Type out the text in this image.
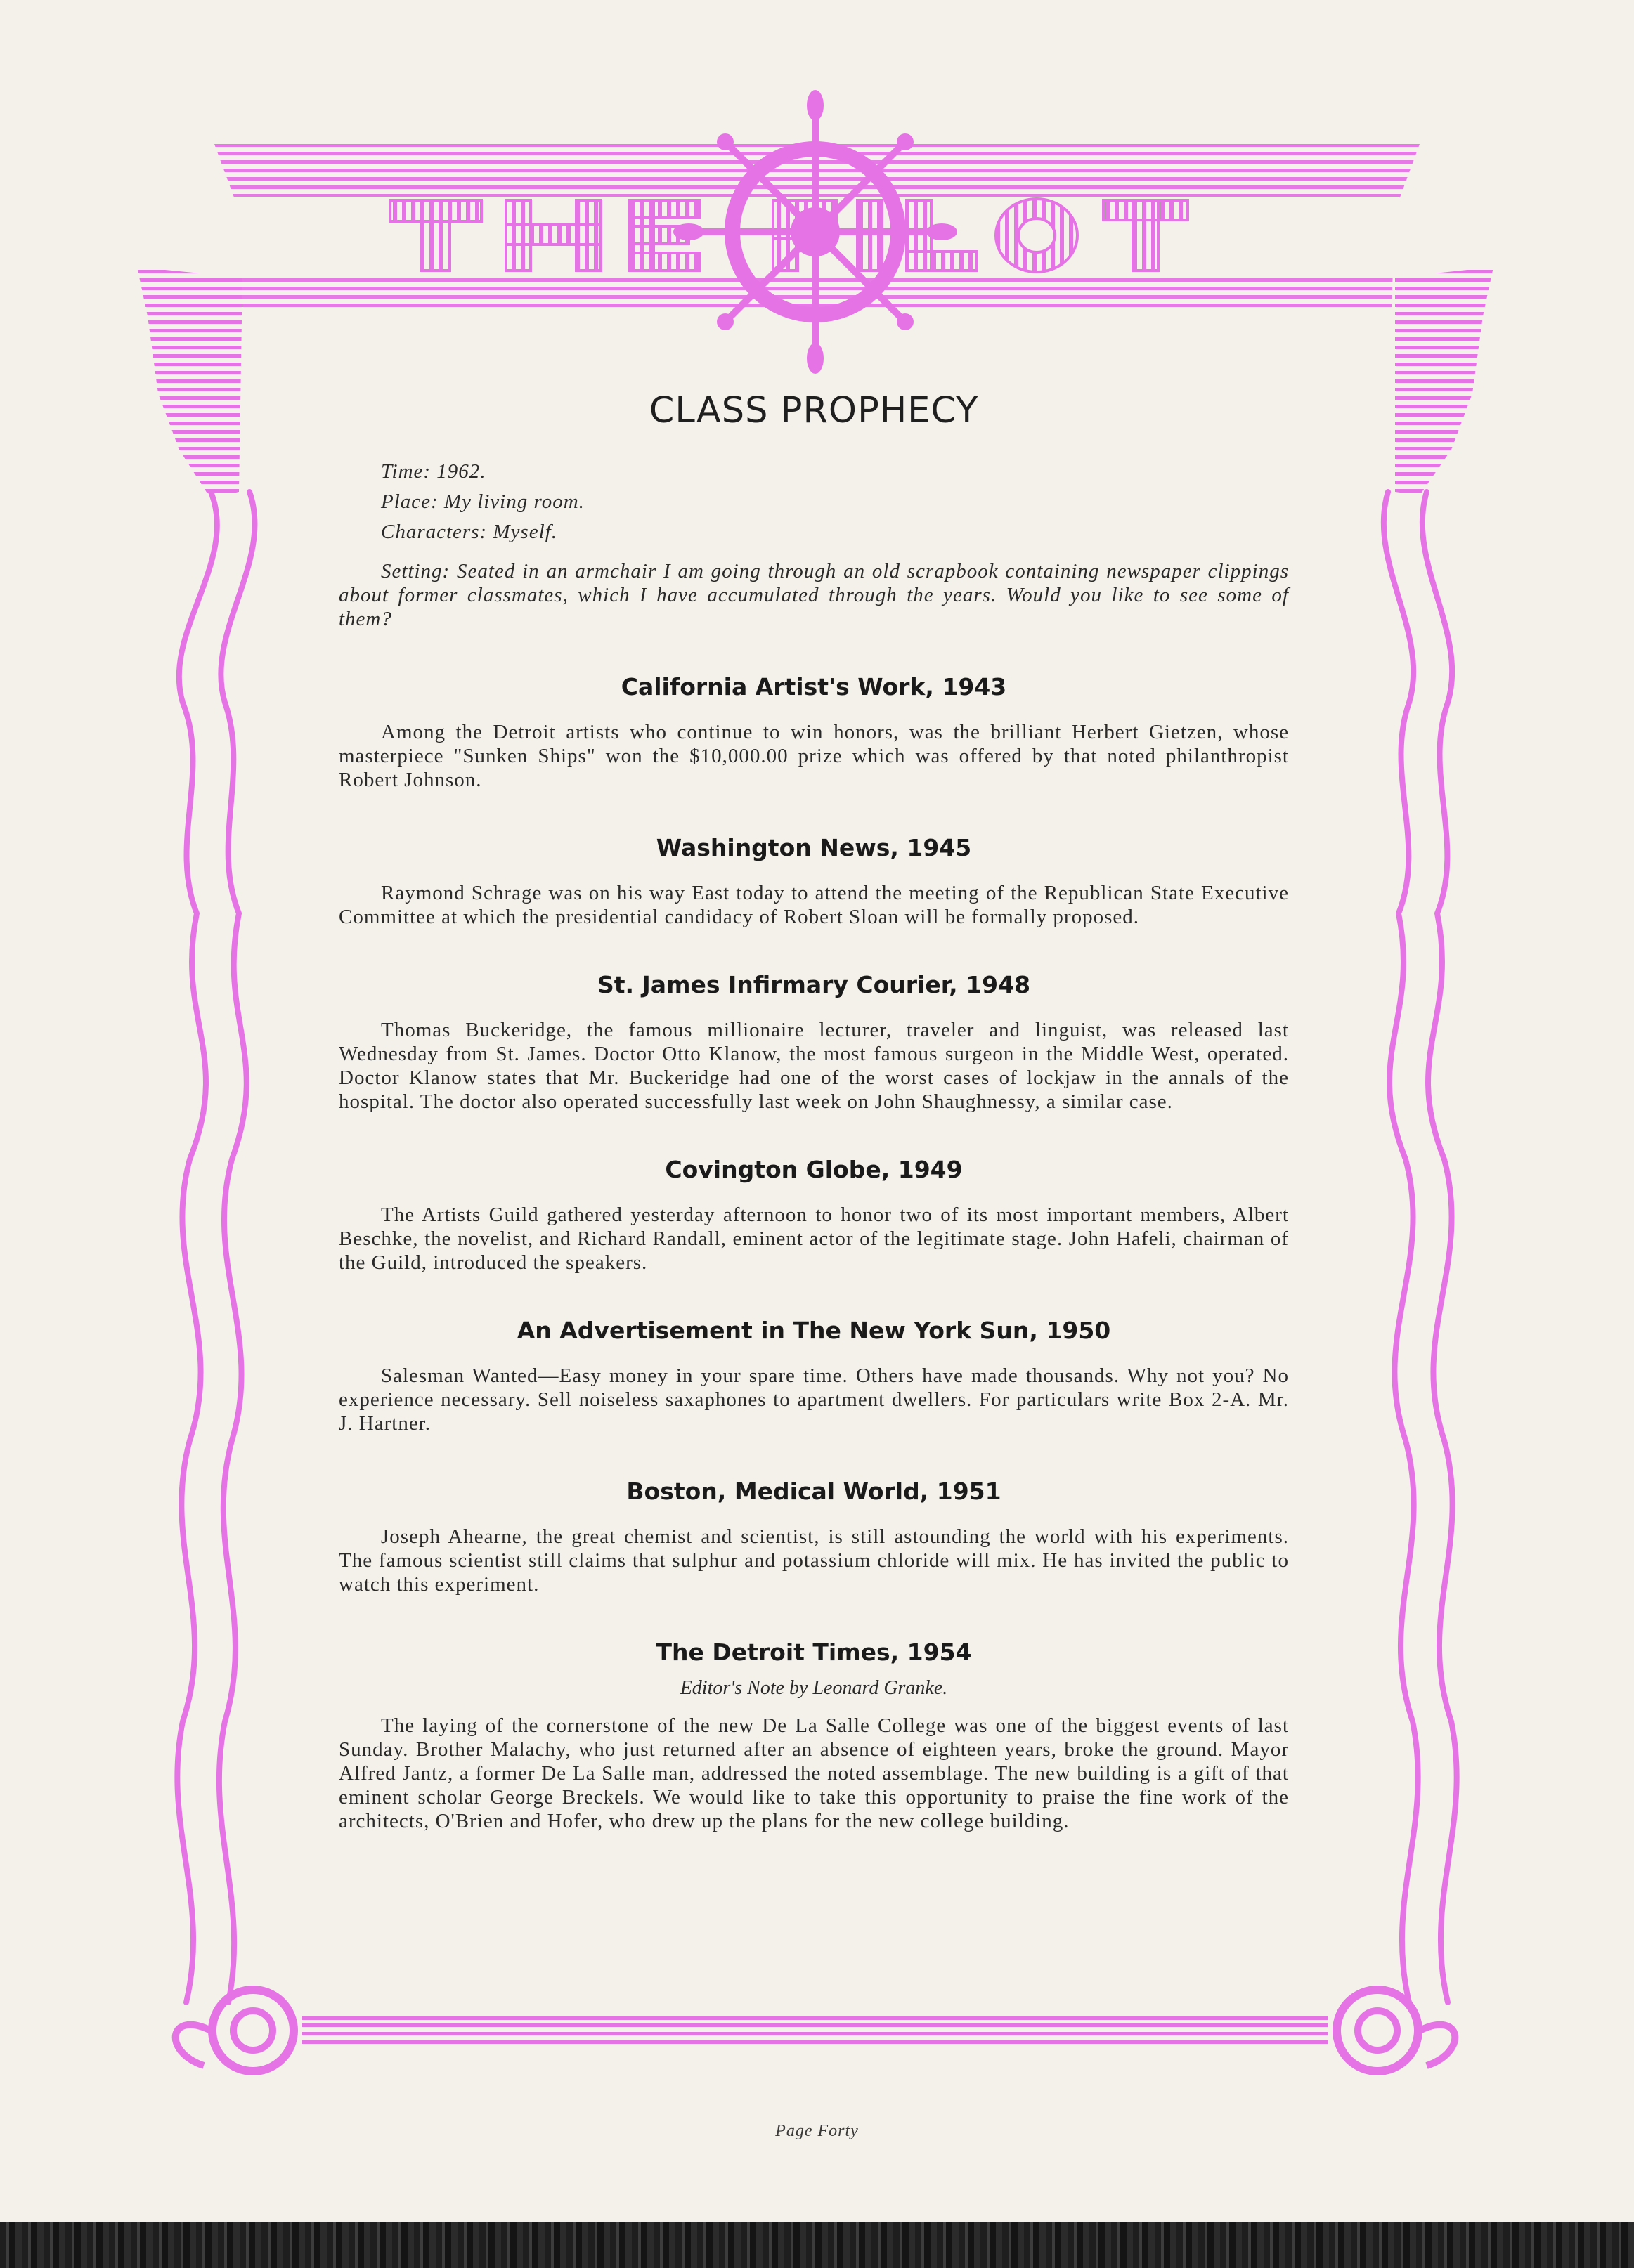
CLASS PROPHECY

Time: 1962.

Place: My living room.

Characters: Myself.

Setting: Seated in an armchair I am going through an old scrapbook containing newspaper clippings about former classmates, which I have accumulated through the years. Would you like to see some of them?

California Artist's Work, 1943

Among the Detroit artists who continue to win honors, was the brilliant Herbert Gietzen, whose masterpiece "Sunken Ships" won the $10,000.00 prize which was offered by that noted philanthropist Robert Johnson.

Washington News, 1945

Raymond Schrage was on his way East today to attend the meeting of the Republican State Executive Committee at which the presidential candidacy of Robert Sloan will be formally proposed.

St. James Infirmary Courier, 1948

Thomas Buckeridge, the famous millionaire lecturer, traveler and linguist, was released last Wednesday from St. James. Doctor Otto Klanow, the most famous surgeon in the Middle West, operated. Doctor Klanow states that Mr. Buckeridge had one of the worst cases of lockjaw in the annals of the hospital. The doctor also operated successfully last week on John Shaughnessy, a similar case.

Covington Globe, 1949

The Artists Guild gathered yesterday afternoon to honor two of its most important members, Albert Beschke, the novelist, and Richard Randall, eminent actor of the legitimate stage. John Hafeli, chairman of the Guild, introduced the speakers.

An Advertisement in The New York Sun, 1950

Salesman Wanted—Easy money in your spare time. Others have made thousands. Why not you? No experience necessary. Sell noiseless saxaphones to apartment dwellers. For particulars write Box 2-A. Mr. J. Hartner.

Boston, Medical World, 1951

Joseph Ahearne, the great chemist and scientist, is still astounding the world with his experiments. The famous scientist still claims that sulphur and potassium chloride will mix. He has invited the public to watch this experiment.

The Detroit Times, 1954

Editor's Note by Leonard Granke.

The laying of the cornerstone of the new De La Salle College was one of the biggest events of last Sunday. Brother Malachy, who just returned after an absence of eighteen years, broke the ground. Mayor Alfred Jantz, a former De La Salle man, addressed the noted assemblage. The new building is a gift of that eminent scholar George Breckels. We would like to take this opportunity to praise the fine work of the architects, O'Brien and Hofer, who drew up the plans for the new college building.

Page Forty
